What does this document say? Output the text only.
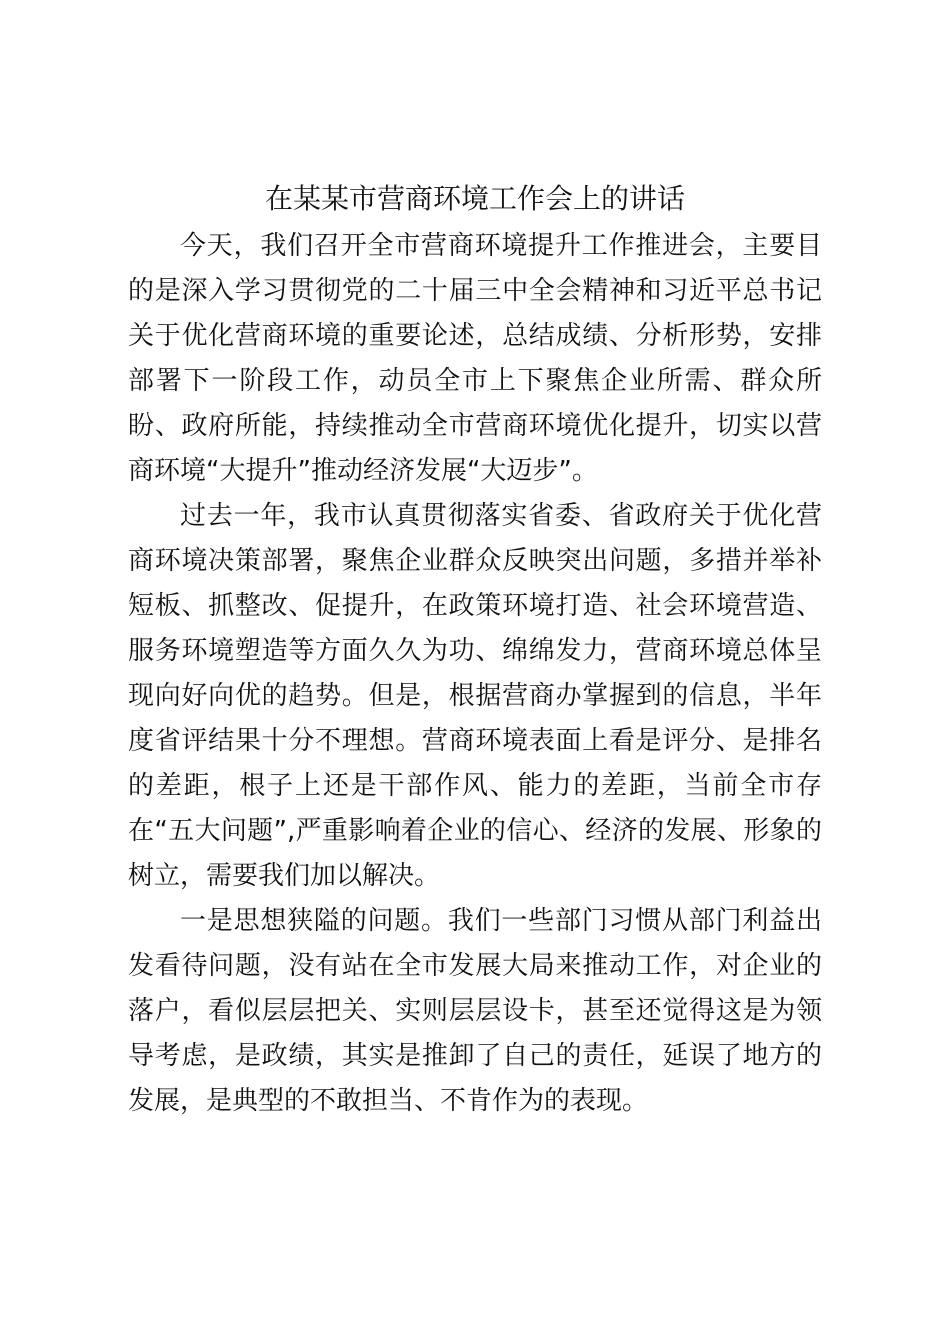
在某某市营商环境工作会上的讲话

今天，我们召开全市营商环境提升工作推进会，主要目的是深入学习贯彻党的二十届三中全会精神和习近平总书记关于优化营商环境的重要论述，总结成绩、分析形势，安排部署下一阶段工作，动员全市上下聚焦企业所需、群众所盼、政府所能，持续推动全市营商环境优化提升，切实以营商环境“大提升”推动经济发展“大迈步”。

过去一年，我市认真贯彻落实省委、省政府关于优化营商环境决策部署，聚焦企业群众反映突出问题，多措并举补短板、抓整改、促提升，在政策环境打造、社会环境营造、服务环境塑造等方面久久为功、绵绵发力，营商环境总体呈现向好向优的趋势。但是，根据营商办掌握到的信息，半年度省评结果十分不理想。营商环境表面上看是评分、是排名的差距，根子上还是干部作风、能力的差距，当前全市存在“五大问题”,严重影响着企业的信心、经济的发展、形象的树立，需要我们加以解决。

一是思想狭隘的问题。我们一些部门习惯从部门利益出发看待问题，没有站在全市发展大局来推动工作，对企业的落户，看似层层把关、实则层层设卡，甚至还觉得这是为领导考虑，是政绩，其实是推卸了自己的责任，延误了地方的发展，是典型的不敢担当、不肯作为的表现。
